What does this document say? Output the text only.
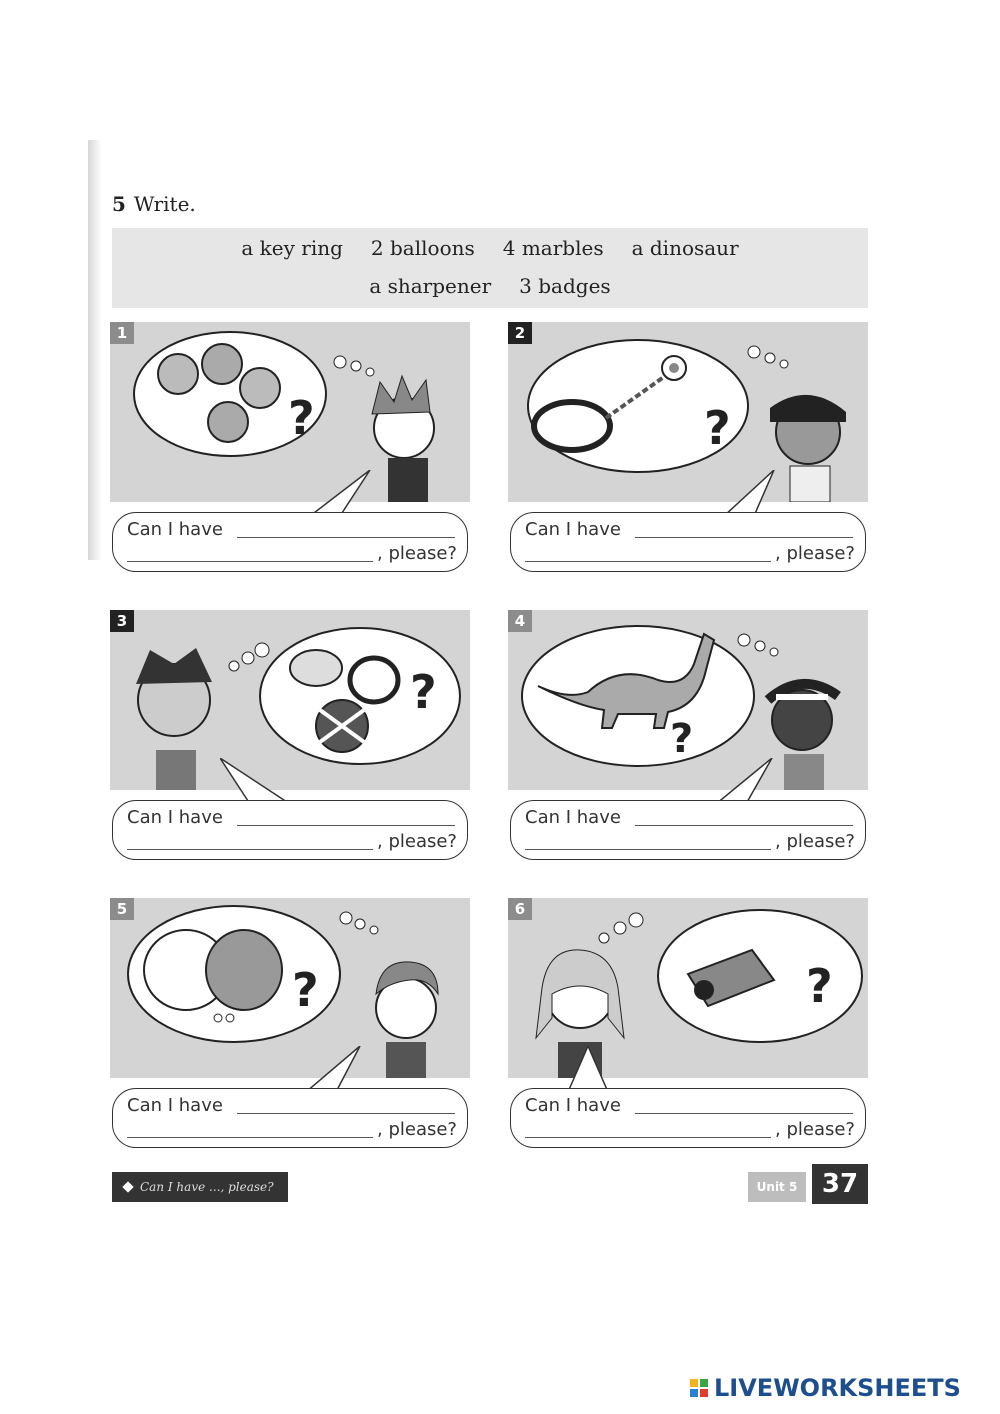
5 Write.
a key ring 2 balloons 4 marbles a dinosaur
a sharpener 3 badges
?
1
Can I have
, please?
?
2
Can I have
, please?
?
3
Can I have
, please?
?
4
Can I have
, please?
?
5
Can I have
, please?
?
6
Can I have
, please?
Can I have ..., please?	Unit 5 37
LIVEWORKSHEETS
